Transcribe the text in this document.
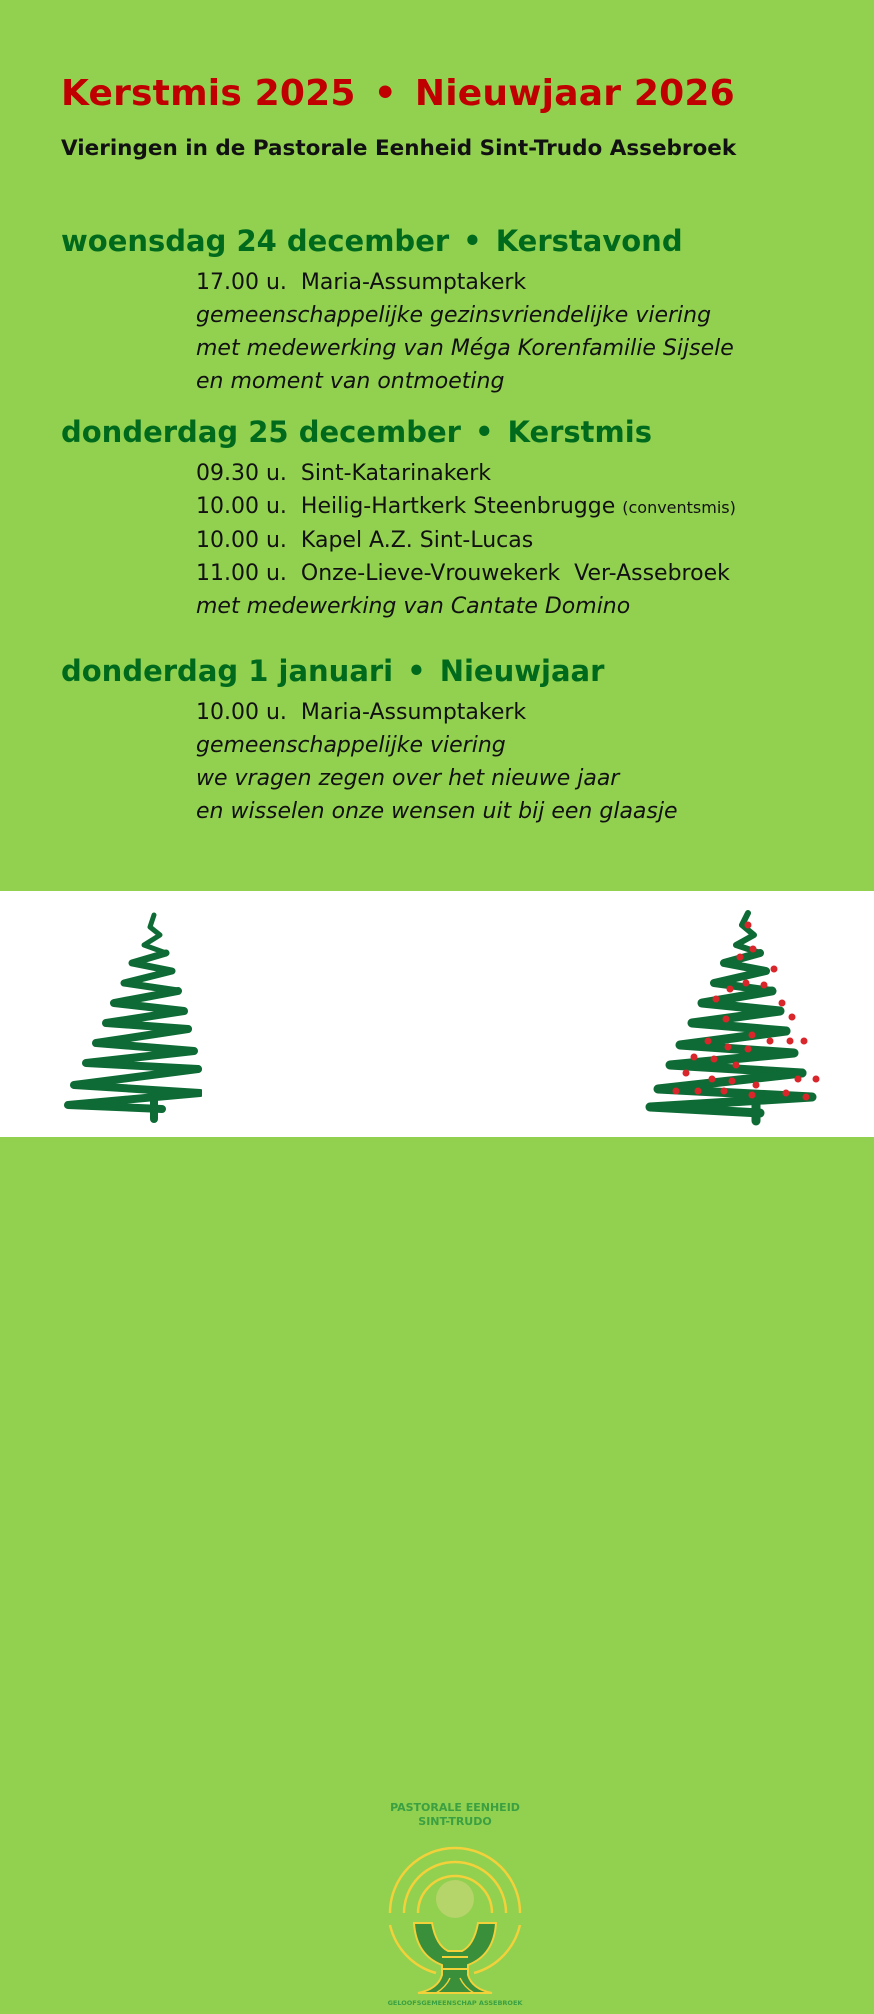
Kerstmis 2025 • Nieuwjaar 2026
Vieringen in de Pastorale Eenheid Sint-Trudo Assebroek
woensdag 24 december • Kerstavond
17.00 u. Maria-Assumptakerk
gemeenschappelijke gezinsvriendelijke viering
met medewerking van Méga Korenfamilie Sijsele
en moment van ontmoeting
donderdag 25 december • Kerstmis
09.30 u. Sint-Katarinakerk
10.00 u. Heilig-Hartkerk Steenbrugge (conventsmis)
10.00 u. Kapel A.Z. Sint-Lucas
11.00 u. Onze-Lieve-Vrouwekerk  Ver-Assebroek
met medewerking van Cantate Domino
donderdag 1 januari • Nieuwjaar
10.00 u. Maria-Assumptakerk
gemeenschappelijke viering
we vragen zegen over het nieuwe jaar
en wisselen onze wensen uit bij een glaasje
PASTORALE EENHEID
SINT-TRUDO
GELOOFSGEMEENSCHAP ASSEBROEK
